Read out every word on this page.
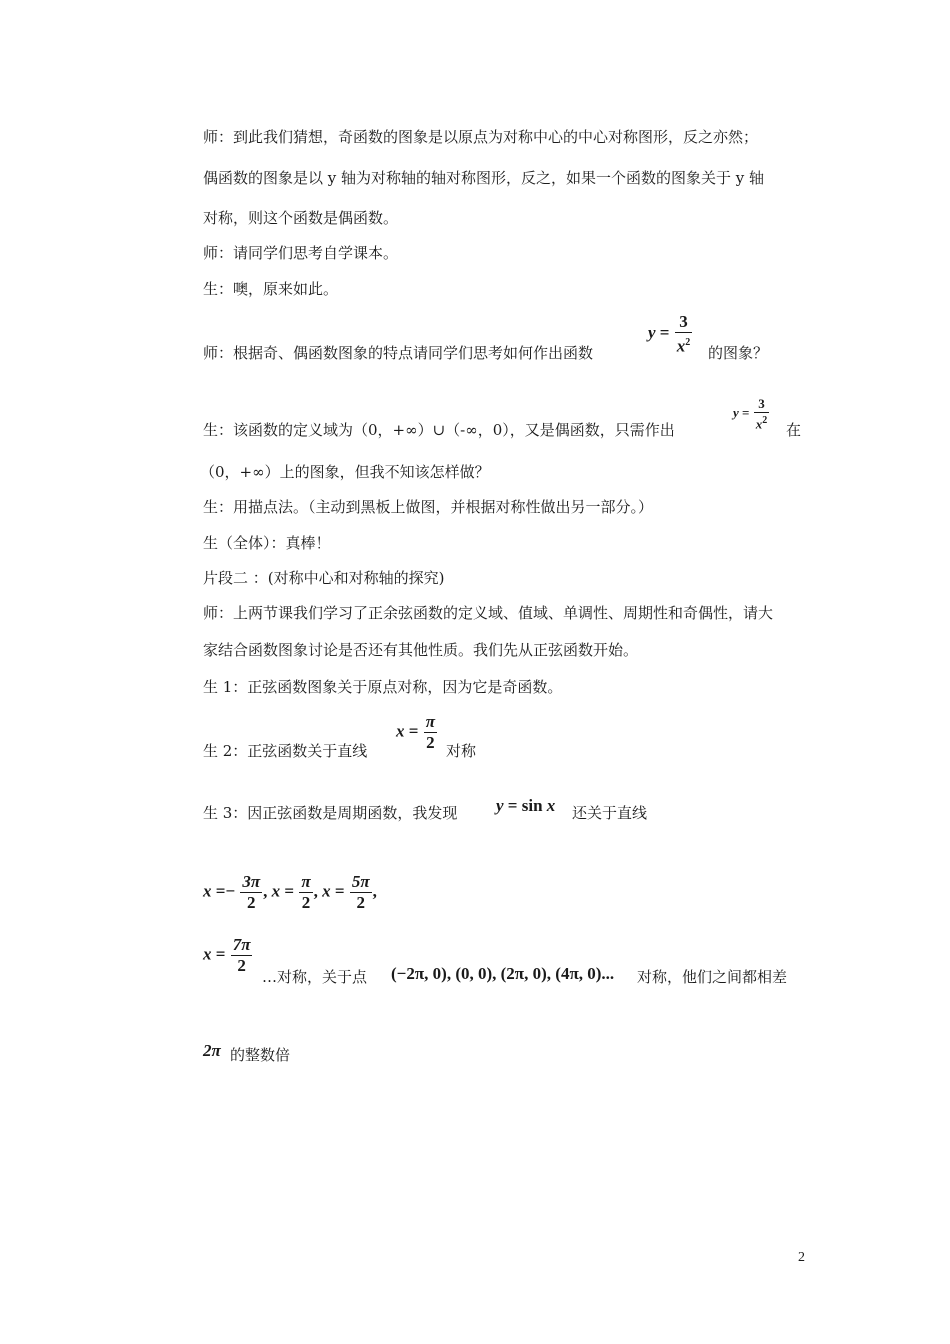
师：到此我们猜想，奇函数的图象是以原点为对称中心的中心对称图形，反之亦然；
偶函数的图象是以 y 轴为对称轴的轴对称图形，反之，如果一个函数的图象关于 y 轴
对称，则这个函数是偶函数。
师：请同学们思考自学课本。
生：噢，原来如此。
师：根据奇、偶函数图象的特点请同学们思考如何作出函数
$y = \frac{3}{x^2}$ 的图象？
生：该函数的定义域为（0，+∞）∪（-∞，0），又是偶函数，只需作出
$y = \frac{3}{x^2}$ 在
（0，+∞）上的图象，但我不知该怎样做？
生：用描点法。（主动到黑板上做图，并根据对称性做出另一部分。）
生（全体）：真棒！
片段二 ：(对称中心和对称轴的探究)
师：上两节课我们学习了正余弦函数的定义域、值域、单调性、周期性和奇偶性，请大
家结合函数图象讨论是否还有其他性质。我们先从正弦函数开始。
生 1：正弦函数图象关于原点对称，因为它是奇函数。
生 2：正弦函数关于直线
$x = \frac{\pi}{2}$ 对称
生 3：因正弦函数是周期函数，我发现 y = sin x 还关于直线
$x =- \frac{3\pi}{2}$ , $x = \frac{\pi}{2}$ , $x = \frac{5\pi}{2}$ ,
$x = \frac{7\pi}{2}$
…对称，关于点 (−2π, 0), (0, 0), (2π, 0), (4π, 0)... 对称，他们之间都相差
2π 的整数倍
2
